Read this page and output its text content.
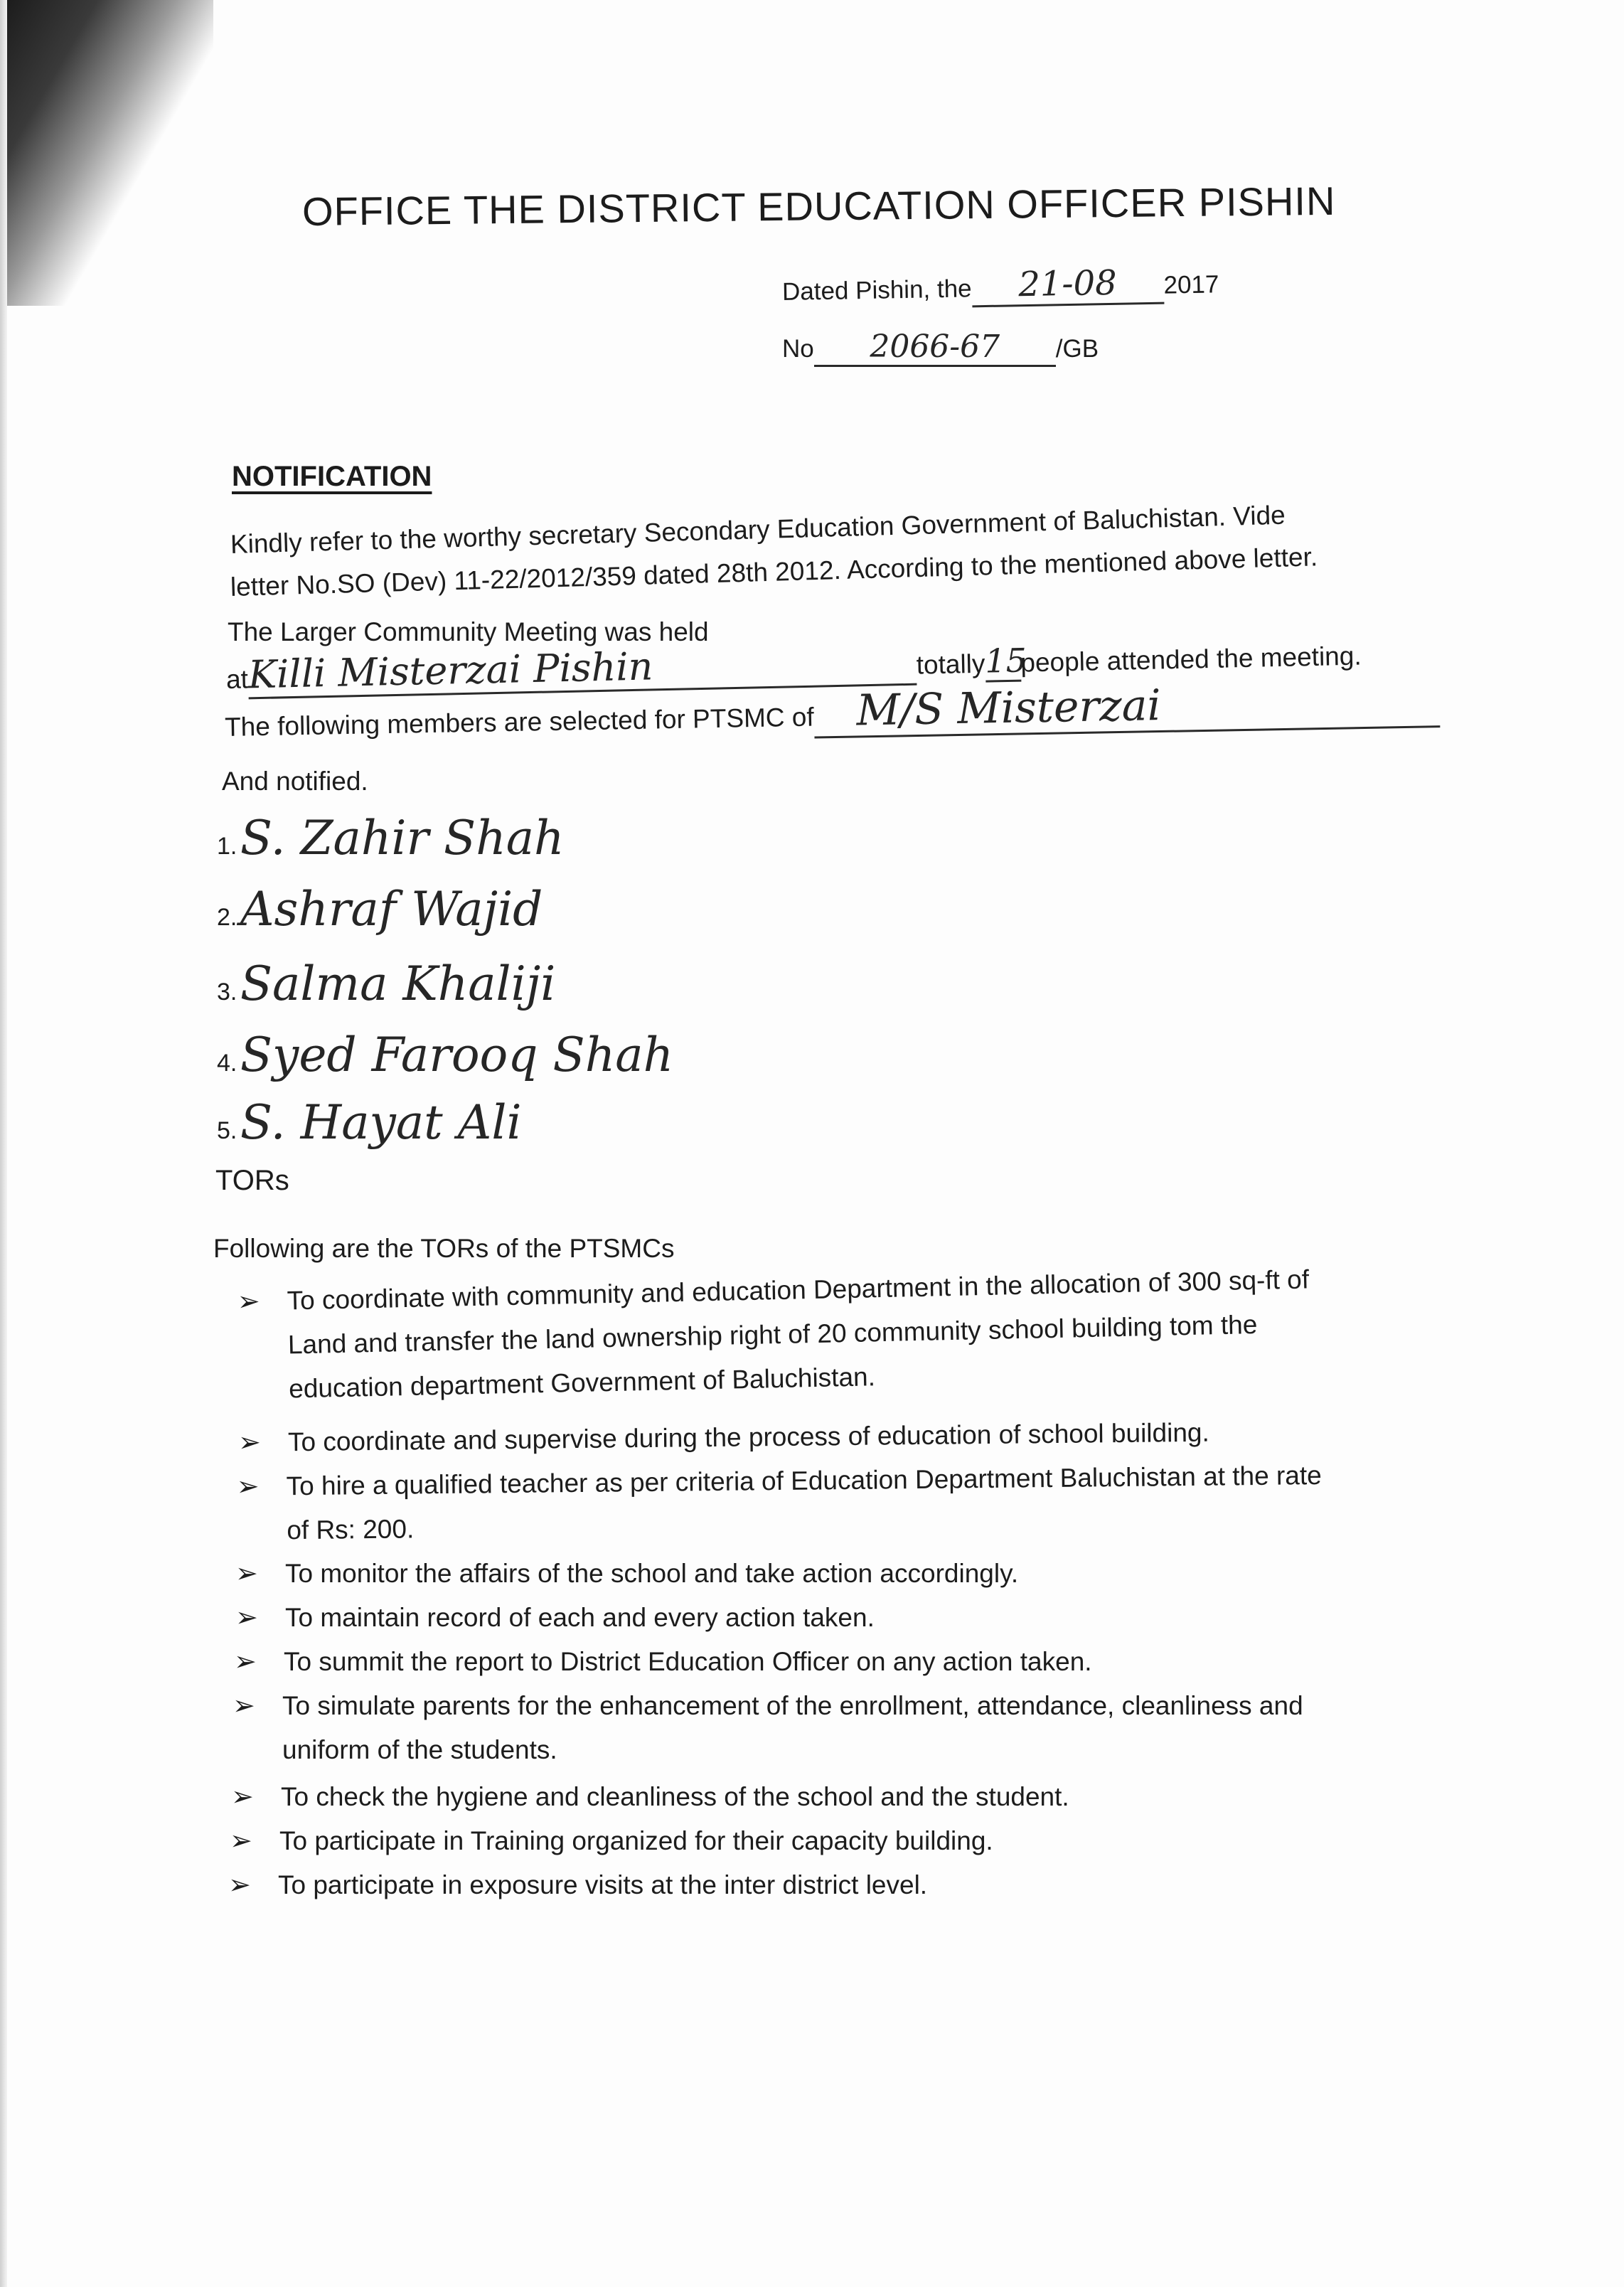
OFFICE THE DISTRICT EDUCATION OFFICER PISHIN
Dated Pishin, the 21-08 2017
No 2066-67 /GB
NOTIFICATION
Kindly refer to the worthy secretary Secondary Education Government of Baluchistan. Vide
letter No.SO (Dev) 11-22/2012/359 dated 28th 2012. According to the mentioned above letter.
The Larger Community Meeting was held
atKilli Misterzai Pishin	totally15people attended the meeting.
The following members are selected for PTSMC of M/S Misterzai
And notified.
1. S. Zahir Shah
2. Ashraf Wajid
3. Salma Khaliji
4. Syed Farooq Shah
5. S. Hayat Ali
TORs
Following are the TORs of the PTSMCs
➢ To coordinate with community and education Department in the allocation of 300 sq-ft of
Land and transfer the land ownership right of 20 community school building tom the
education department Government of Baluchistan.
➢ To coordinate and supervise during the process of education of school building.
➢ To hire a qualified teacher as per criteria of Education Department Baluchistan at the rate
of Rs: 200.
➢ To monitor the affairs of the school and take action accordingly.
➢ To maintain record of each and every action taken.
➢ To summit the report to District Education Officer on any action taken.
➢ To simulate parents for the enhancement of the enrollment, attendance, cleanliness and
uniform of the students.
➢ To check the hygiene and cleanliness of the school and the student.
➢ To participate in Training organized for their capacity building.
➢ To participate in exposure visits at the inter district level.
